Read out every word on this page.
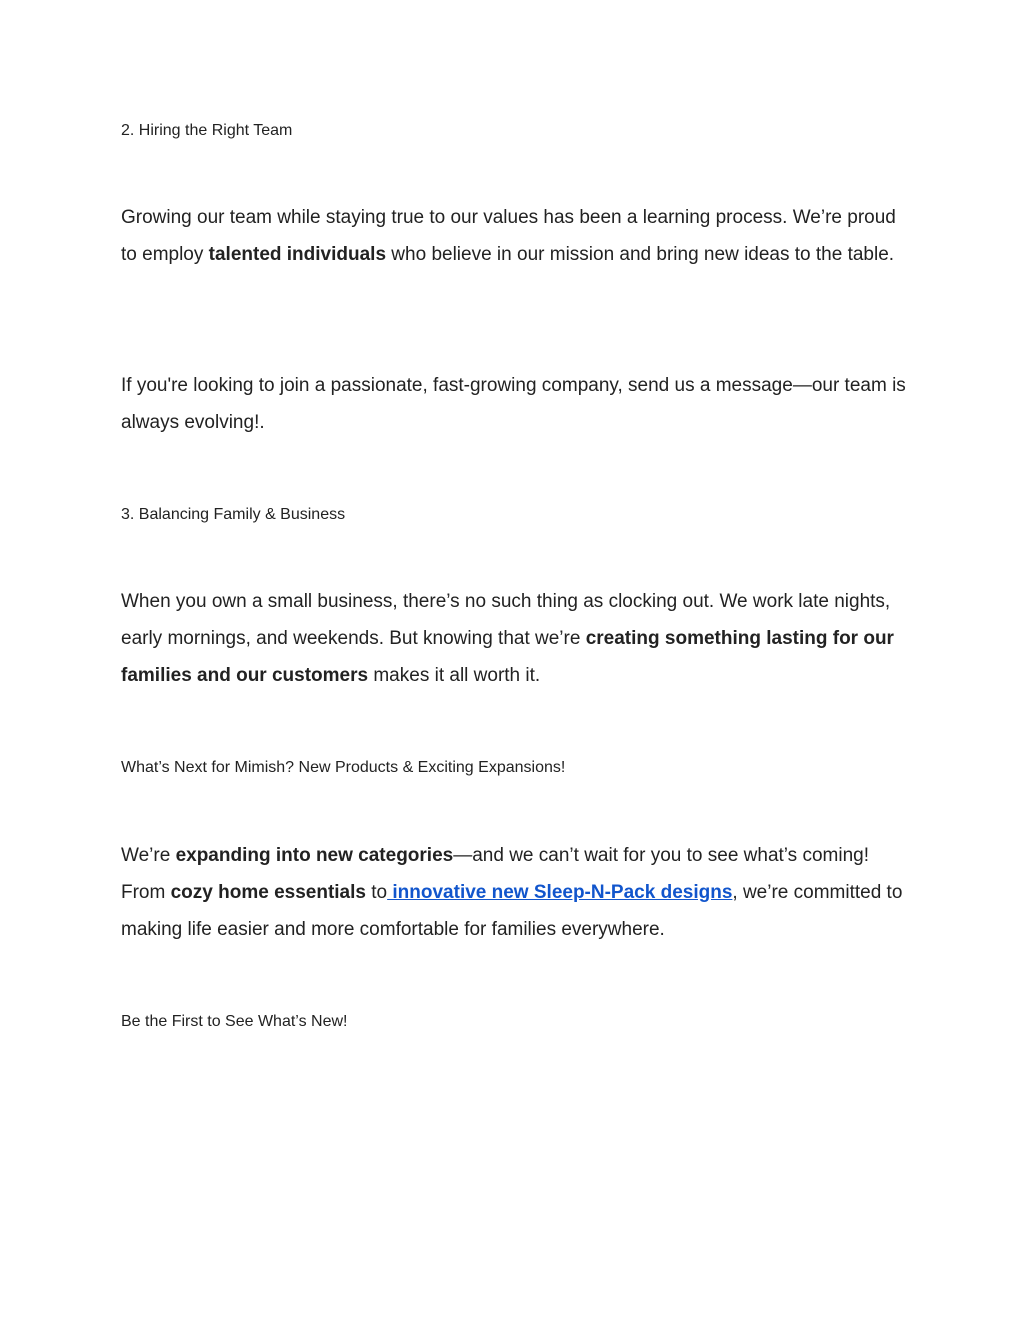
2. Hiring the Right Team

Growing our team while staying true to our values has been a learning process. We’re proud to employ talented individuals who believe in our mission and bring new ideas to the table.

If you're looking to join a passionate, fast-growing company, send us a message—our team is always evolving!.

3. Balancing Family & Business

When you own a small business, there’s no such thing as clocking out. We work late nights, early mornings, and weekends. But knowing that we’re creating something lasting for our families and our customers makes it all worth it.

What’s Next for Mimish? New Products & Exciting Expansions!

We’re expanding into new categories—and we can’t wait for you to see what’s coming! From cozy home essentials to innovative new Sleep-N-Pack designs, we’re committed to making life easier and more comfortable for families everywhere.

Be the First to See What’s New!
